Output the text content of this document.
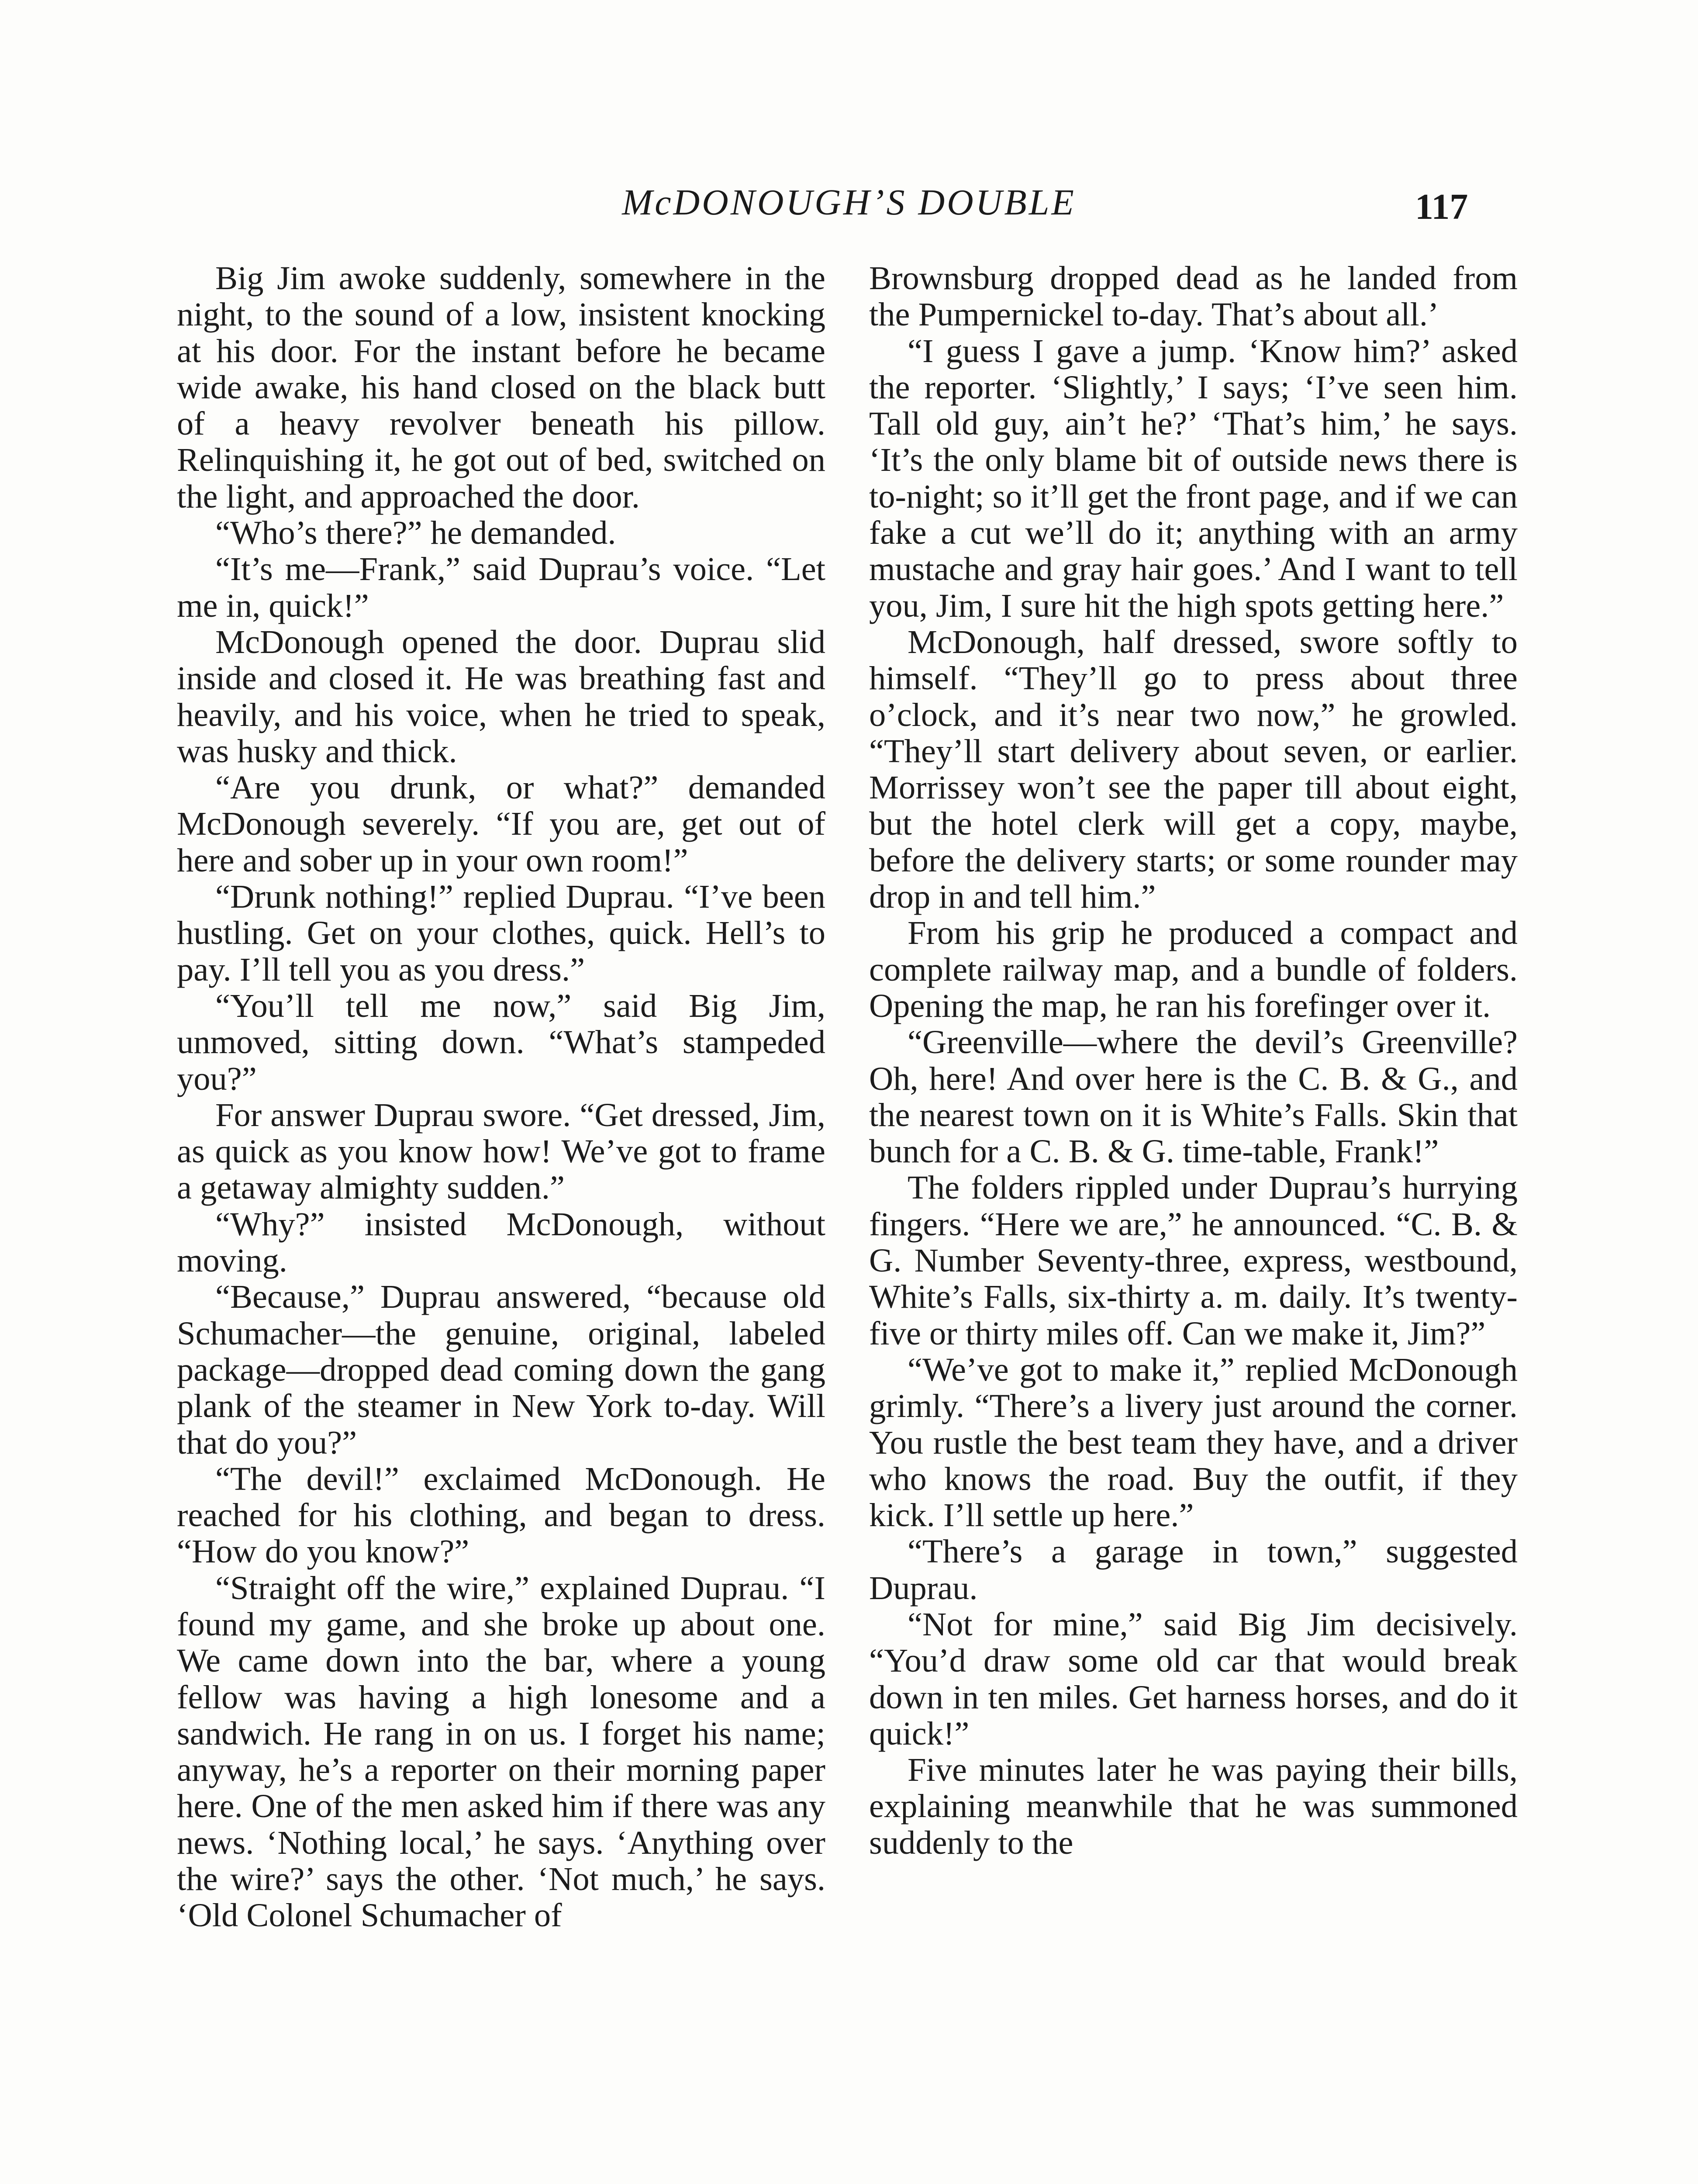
McDONOUGH’S DOUBLE	117

Big Jim awoke suddenly, somewhere in the night, to the sound of a low, insistent knocking at his door. For the instant before he became wide awake, his hand closed on the black butt of a heavy revolver beneath his pillow. Relinquishing it, he got out of bed, switched on the light, and approached the door.

“Who’s there?” he demanded.

“It’s me—Frank,” said Duprau’s voice. “Let me in, quick!”

McDonough opened the door. Duprau slid inside and closed it. He was breathing fast and heavily, and his voice, when he tried to speak, was husky and thick.

“Are you drunk, or what?” demanded McDonough severely. “If you are, get out of here and sober up in your own room!”

“Drunk nothing!” replied Duprau. “I’ve been hustling. Get on your clothes, quick. Hell’s to pay. I’ll tell you as you dress.”

“You’ll tell me now,” said Big Jim, unmoved, sitting down. “What’s stampeded you?”

For answer Duprau swore. “Get dressed, Jim, as quick as you know how! We’ve got to frame a getaway almighty sudden.”

“Why?” insisted McDonough, without moving.

“Because,” Duprau answered, “because old Schumacher—the genuine, original, labeled package—dropped dead coming down the gang plank of the steamer in New York to-day. Will that do you?”

“The devil!” exclaimed McDonough. He reached for his clothing, and began to dress. “How do you know?”

“Straight off the wire,” explained Duprau. “I found my game, and she broke up about one. We came down into the bar, where a young fellow was having a high lonesome and a sandwich. He rang in on us. I forget his name; anyway, he’s a reporter on their morning paper here. One of the men asked him if there was any news. ‘Nothing local,’ he says. ‘Anything over the wire?’ says the other. ‘Not much,’ he says. ‘Old Colonel Schumacher of

Brownsburg dropped dead as he landed from the Pumpernickel to-day. That’s about all.’

“I guess I gave a jump. ‘Know him?’ asked the reporter. ‘Slightly,’ I says; ‘I’ve seen him. Tall old guy, ain’t he?’ ‘That’s him,’ he says. ‘It’s the only blame bit of outside news there is to-night; so it’ll get the front page, and if we can fake a cut we’ll do it; anything with an army mustache and gray hair goes.’ And I want to tell you, Jim, I sure hit the high spots getting here.”

McDonough, half dressed, swore softly to himself. “They’ll go to press about three o’clock, and it’s near two now,” he growled. “They’ll start delivery about seven, or earlier. Morrissey won’t see the paper till about eight, but the hotel clerk will get a copy, maybe, before the delivery starts; or some rounder may drop in and tell him.”

From his grip he produced a compact and complete railway map, and a bundle of folders. Opening the map, he ran his forefinger over it.

“Greenville—where the devil’s Greenville? Oh, here! And over here is the C. B. & G., and the nearest town on it is White’s Falls. Skin that bunch for a C. B. & G. time-table, Frank!”

The folders rippled under Duprau’s hurrying fingers. “Here we are,” he announced. “C. B. & G. Number Seventy-three, express, westbound, White’s Falls, six-thirty a. m. daily. It’s twenty-five or thirty miles off. Can we make it, Jim?”

“We’ve got to make it,” replied McDonough grimly. “There’s a livery just around the corner. You rustle the best team they have, and a driver who knows the road. Buy the outfit, if they kick. I’ll settle up here.”

“There’s a garage in town,” suggested Duprau.

“Not for mine,” said Big Jim decisively. “You’d draw some old car that would break down in ten miles. Get harness horses, and do it quick!”

Five minutes later he was paying their bills, explaining meanwhile that he was summoned suddenly to the
